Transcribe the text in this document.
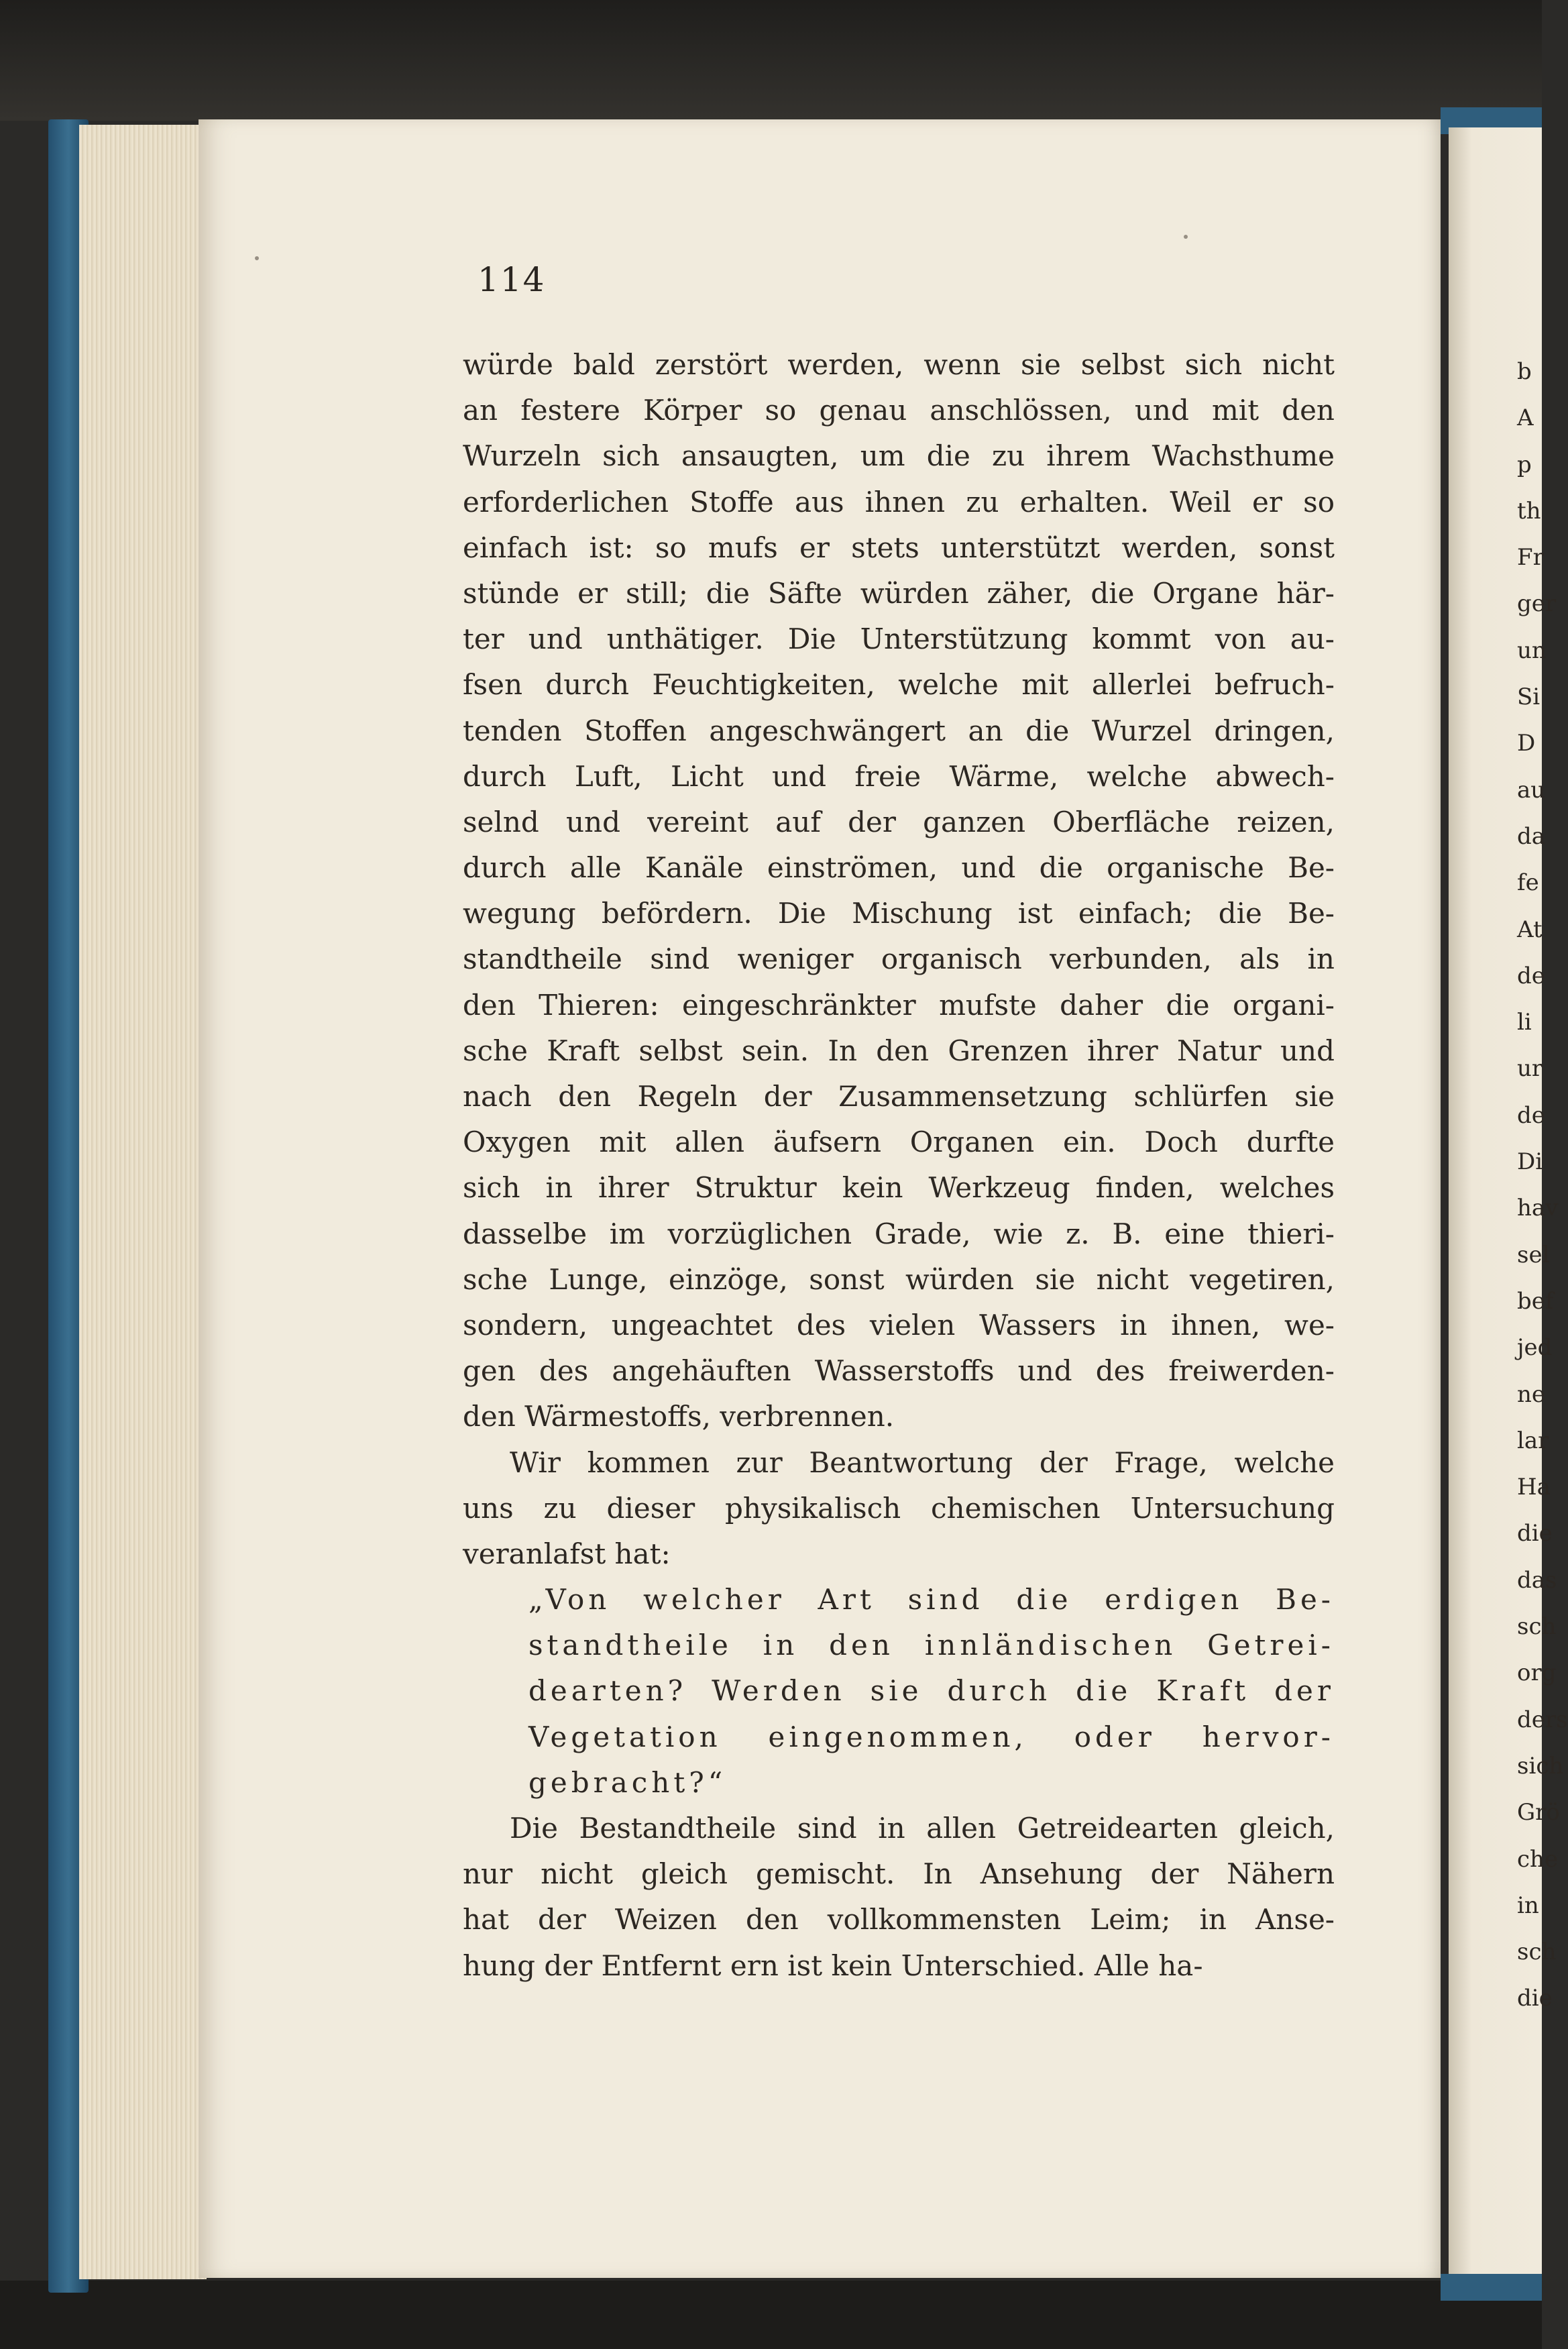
114
würde bald zerstört werden, wenn sie selbst sich nicht
an festere Körper so genau anschlössen, und mit den
Wurzeln sich ansaugten, um die zu ihrem Wachsthume
erforderlichen Stoffe aus ihnen zu erhalten. Weil er so
einfach ist: so mufs er stets unterstützt werden, sonst
stünde er still; die Säfte würden zäher, die Organe här-
ter und unthätiger. Die Unterstützung kommt von au-
fsen durch Feuchtigkeiten, welche mit allerlei befruch-
tenden Stoffen angeschwängert an die Wurzel dringen,
durch Luft, Licht und freie Wärme, welche abwech-
selnd und vereint auf der ganzen Oberfläche reizen,
durch alle Kanäle einströmen, und die organische Be-
wegung befördern. Die Mischung ist einfach; die Be-
standtheile sind weniger organisch verbunden, als in
den Thieren: eingeschränkter mufste daher die organi-
sche Kraft selbst sein. In den Grenzen ihrer Natur und
nach den Regeln der Zusammensetzung schlürfen sie
Oxygen mit allen äufsern Organen ein. Doch durfte
sich in ihrer Struktur kein Werkzeug finden, welches
dasselbe im vorzüglichen Grade, wie z. B. eine thieri-
sche Lunge, einzöge, sonst würden sie nicht vegetiren,
sondern, ungeachtet des vielen Wassers in ihnen, we-
gen des angehäuften Wasserstoffs und des freiwerden-
den Wärmestoffs, verbrennen.
Wir kommen zur Beantwortung der Frage, welche
uns zu dieser physikalisch chemischen Untersuchung
veranlafst hat:
„Von welcher Art sind die erdigen Be-
standtheile in den innländischen Getrei-
dearten? Werden sie durch die Kraft der
Vegetation eingenommen, oder hervor-
gebracht?“
Die Bestandtheile sind in allen Getreidearten gleich,
nur nicht gleich gemischt. In Ansehung der Nähern
hat der Weizen den vollkommensten Leim; in Anse-
hung der Entfernt ern ist kein Unterschied. Alle ha-
b
A
p
th
Fr
ger
un
Si
D
au
da
fe
At
de
li
ur
de
Di
hav
sel
bef
jed
ne
lar
Ha
die
das
sch
org
ders
sich
Grö
che
in
sch
die
